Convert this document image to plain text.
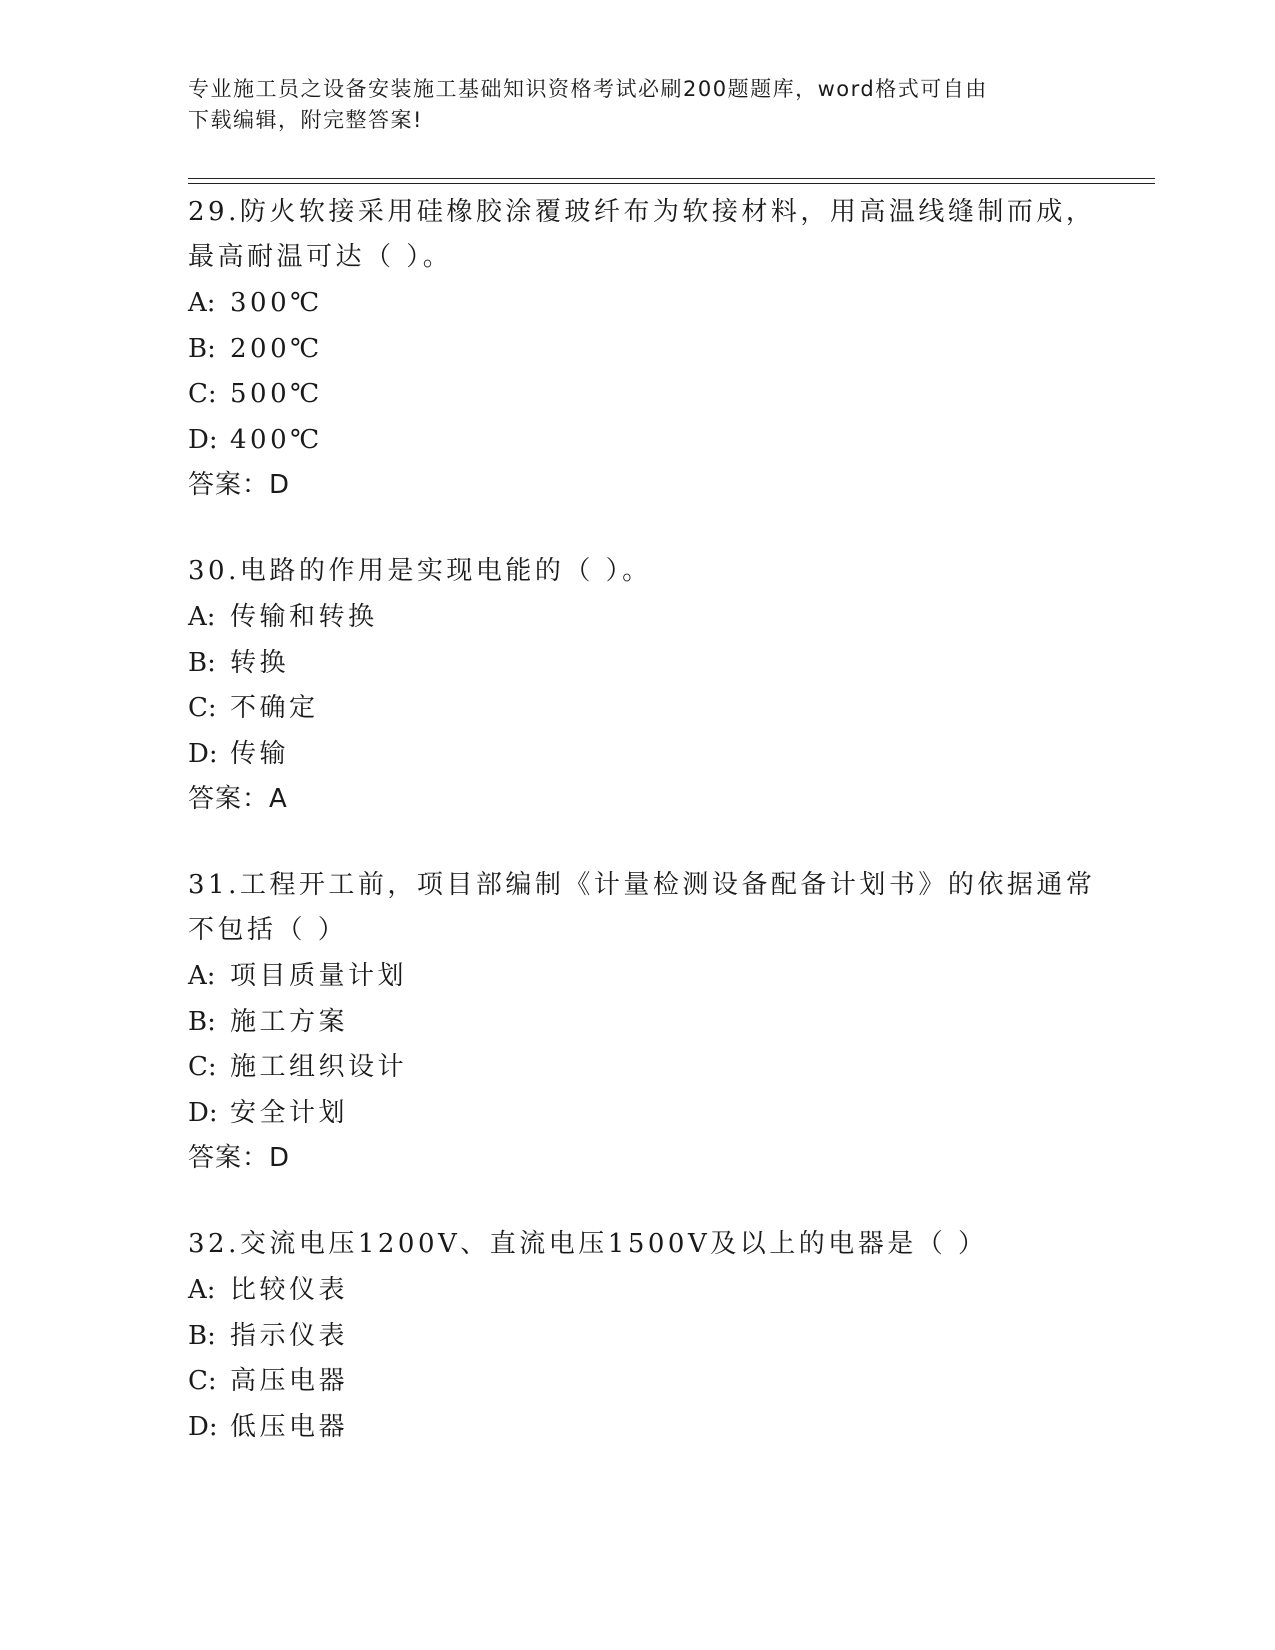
专业施工员之设备安装施工基础知识资格考试必刷200题题库，word格式可自由
下载编辑，附完整答案!
29.防火软接采用硅橡胶涂覆玻纤布为软接材料，用高温线缝制而成，
最高耐温可达（ ）。
A: 300℃
B: 200℃
C: 500℃
D: 400℃
答案：D
30.电路的作用是实现电能的（ ）。
A: 传输和转换
B: 转换
C: 不确定
D: 传输
答案：A
31.工程开工前，项目部编制《计量检测设备配备计划书》的依据通常
不包括（ ）
A: 项目质量计划
B: 施工方案
C: 施工组织设计
D: 安全计划
答案：D
32.交流电压1200V、直流电压1500V及以上的电器是（ ）
A: 比较仪表
B: 指示仪表
C: 高压电器
D: 低压电器
